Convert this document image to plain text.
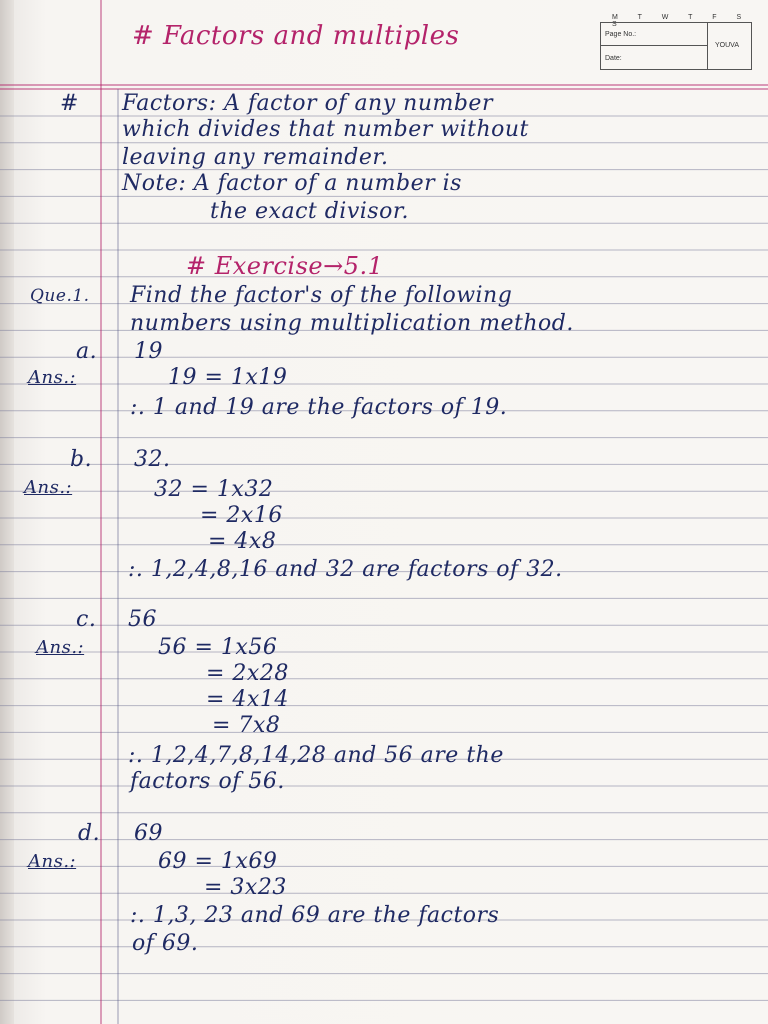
M T W T F S S
Page No.:
Date:
YOUVA
# Factors and multiples
# Factors: A factor of any number
which divides that number without
leaving any remainder.
Note: A factor of a number is
the exact divisor.
# Exercise→5.1
Que.1. Find the factor's of the following
numbers using multiplication method.
a. 19
Ans.:	19 = 1x19
:. 1 and 19 are the factors of 19.
b. 32.
Ans.:	32 = 1x32
= 2x16
= 4x8
:. 1,2,4,8,16 and 32 are factors of 32.
c. 56
Ans.:	56 = 1x56
= 2x28
= 4x14
= 7x8
:. 1,2,4,7,8,14,28 and 56 are the
factors of 56.
d. 69
Ans.:	69 = 1x69
= 3x23
:. 1,3, 23 and 69 are the factors
of 69.
